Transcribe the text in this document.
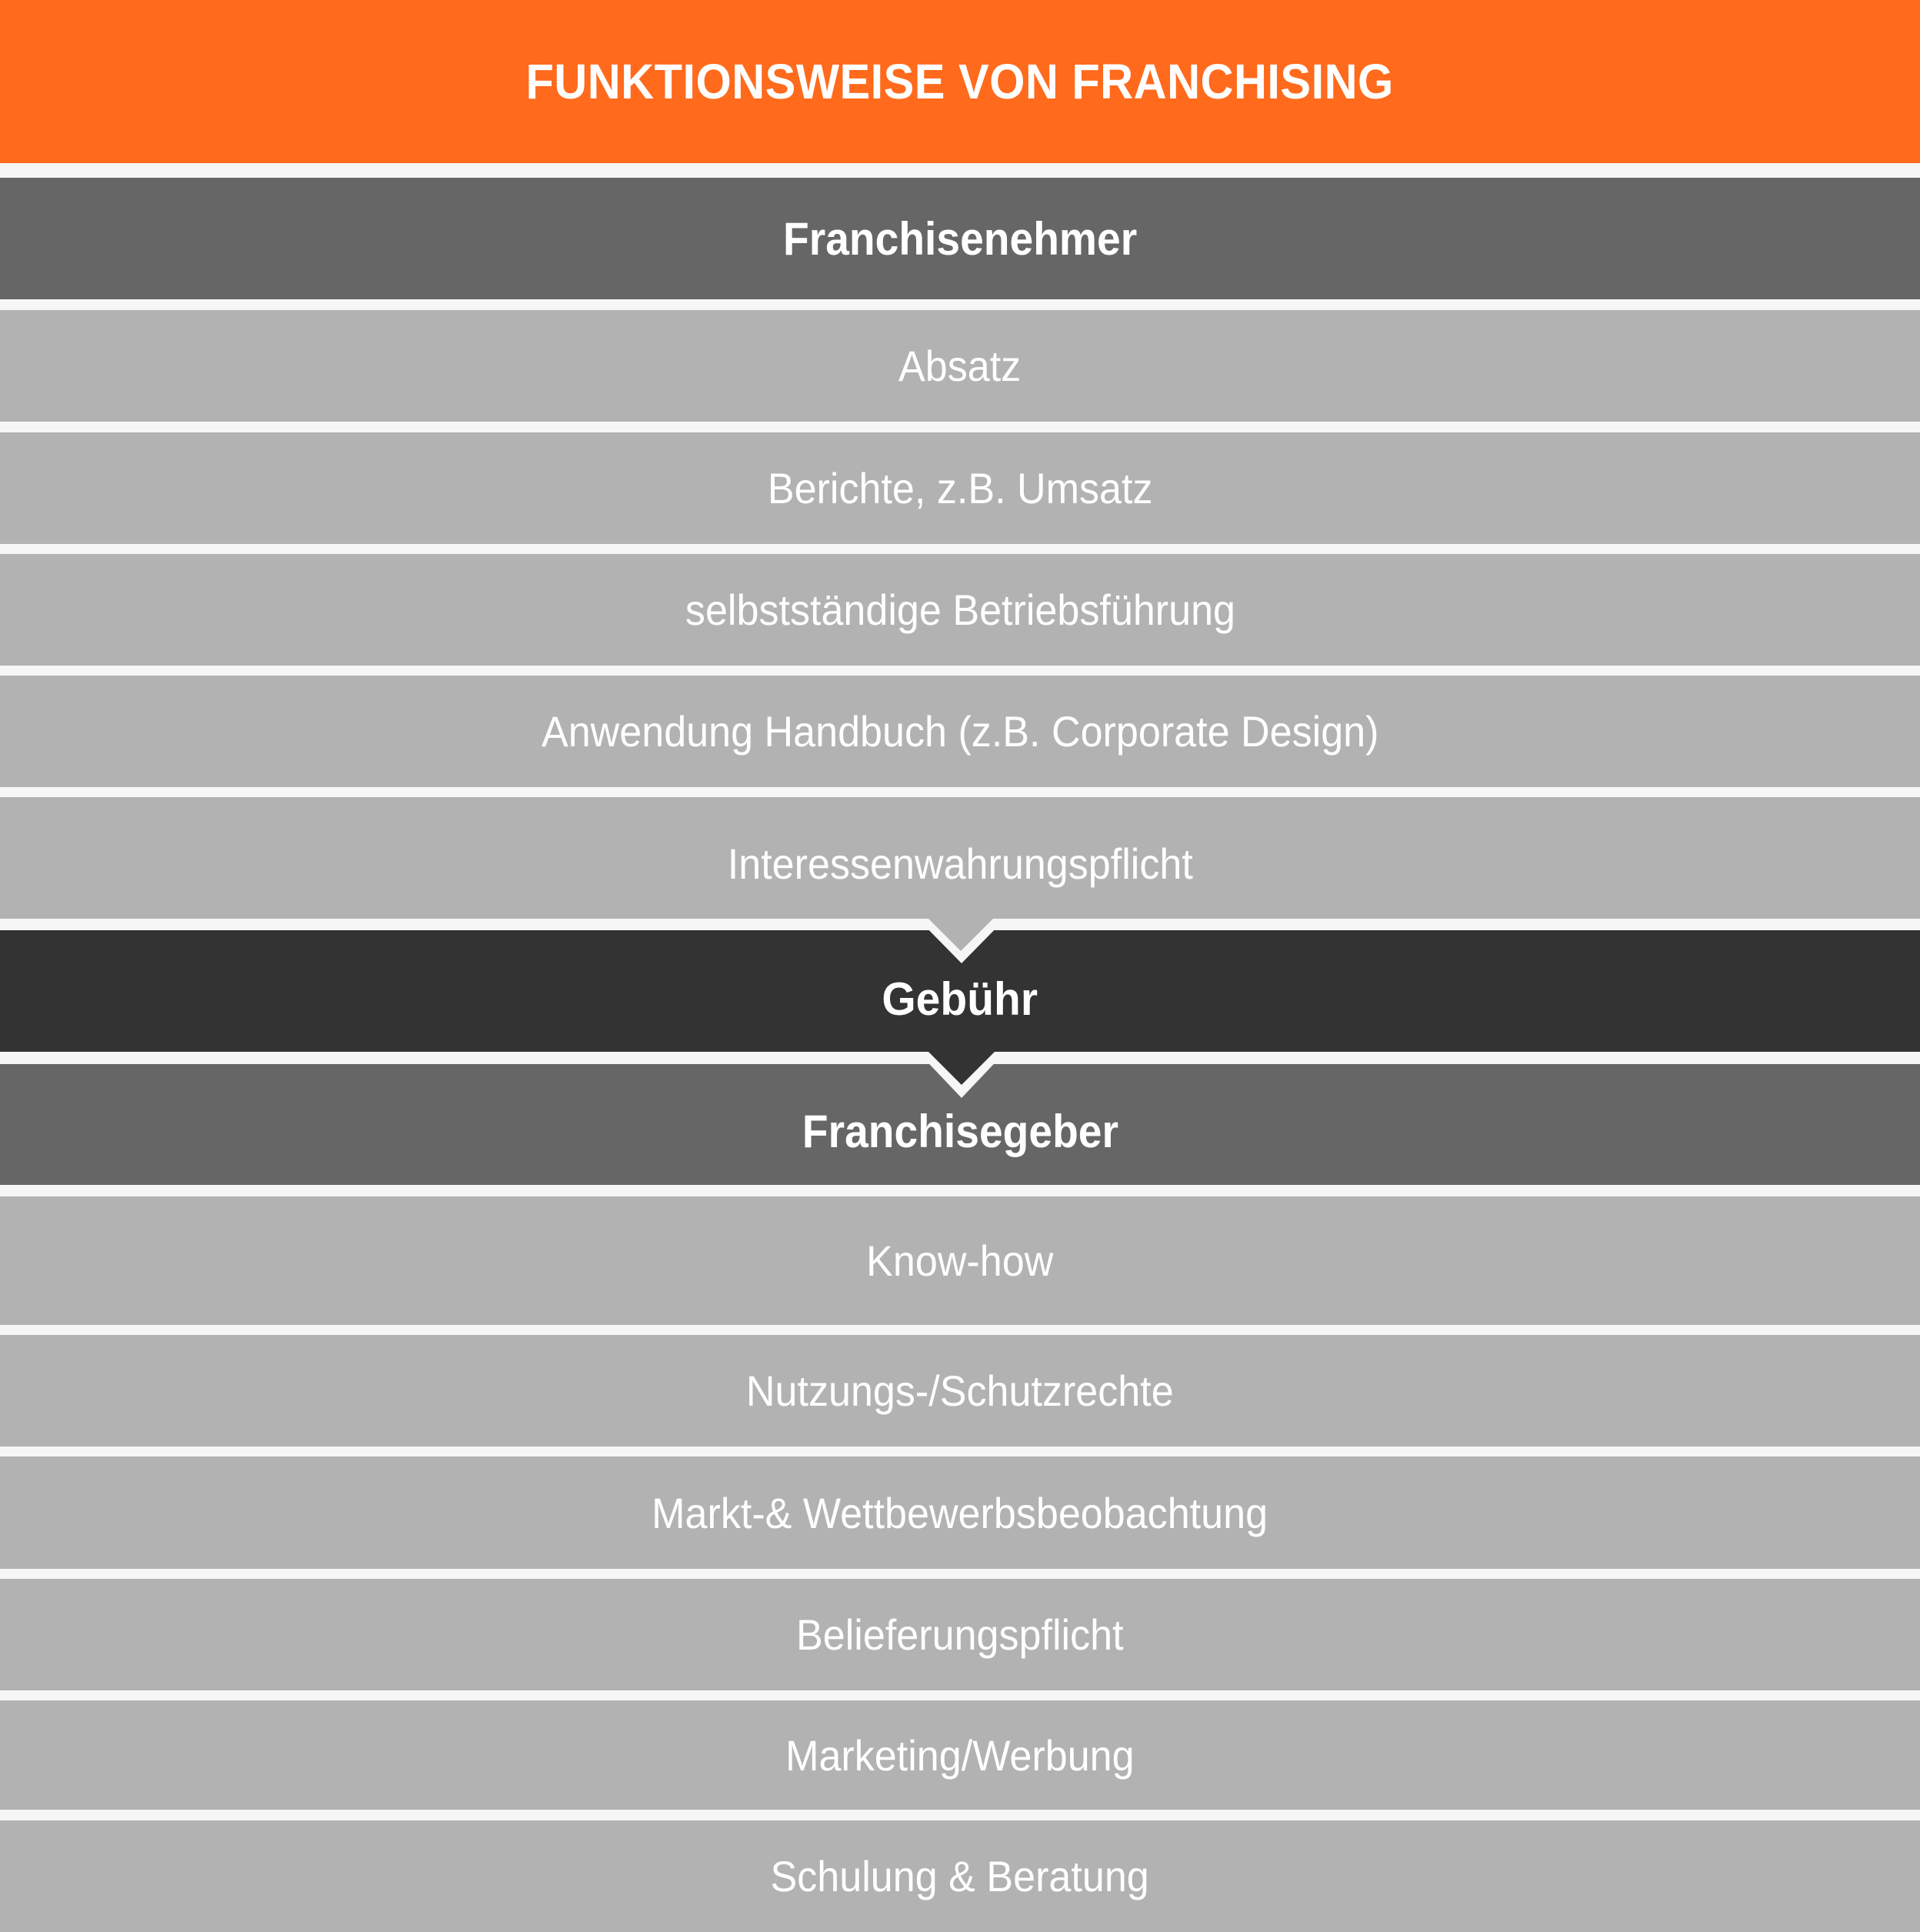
FUNKTIONSWEISE VON FRANCHISING
Franchisenehmer
Absatz
Berichte, z.B. Umsatz
selbstständige Betriebsführung
Anwendung Handbuch (z.B. Corporate Design)
Gebühr
Franchisegeber
Interessenwahrungspflicht
Know-how
Nutzungs-/Schutzrechte
Markt-& Wettbewerbsbeobachtung
Belieferungspflicht
Marketing/Werbung
Schulung & Beratung
